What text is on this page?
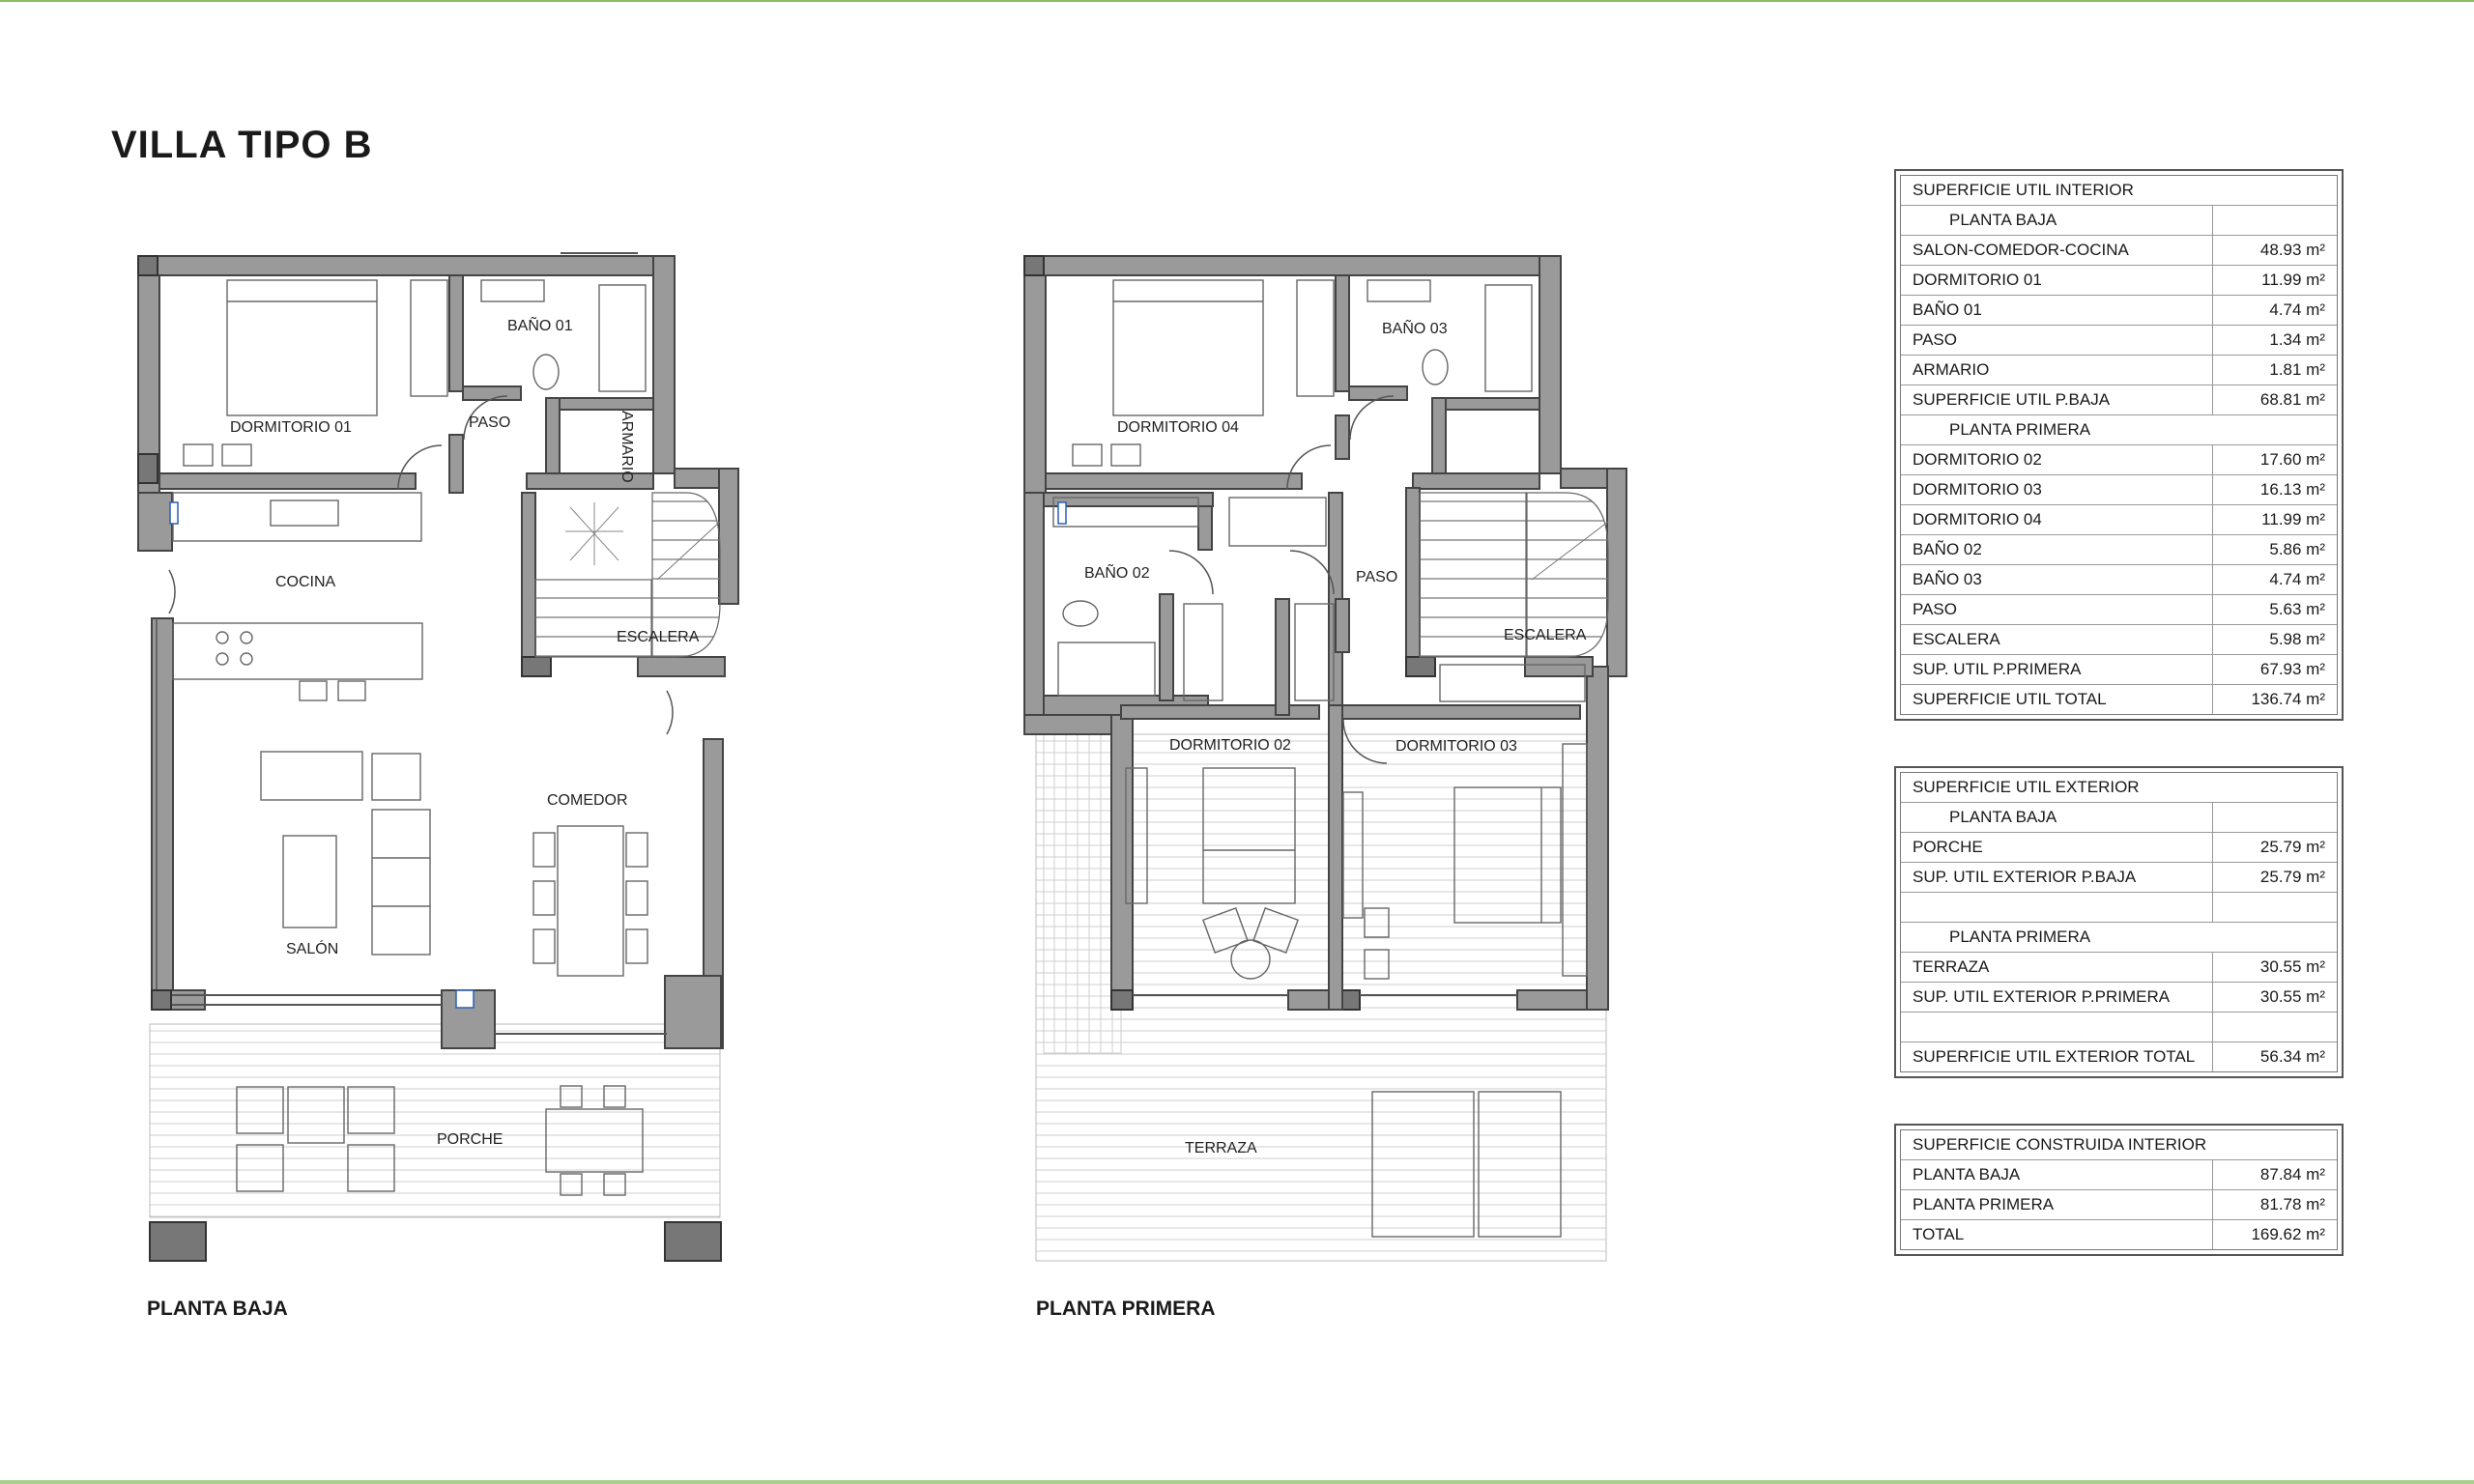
VILLA TIPO B
DORMITORIO 01
BAÑO 01
PASO	ARMARIO
COCINA
ESCALERA
COMEDOR
SALÓN
PORCHE
DORMITORIO 04
BAÑO 03
BAÑO 02	PASO
ESCALERA
DORMITORIO 02	DORMITORIO 03
TERRAZA
PLANTA BAJA	PLANTA PRIMERA
SUPERFICIE UTIL INTERIOR
PLANTA BAJA
SALON-COMEDOR-COCINA	48.93 m²
DORMITORIO 01	11.99 m²
BAÑO 01	4.74 m²
PASO	1.34 m²
ARMARIO	1.81 m²
SUPERFICIE UTIL P.BAJA	68.81 m²
PLANTA PRIMERA
DORMITORIO 02	17.60 m²
DORMITORIO 03	16.13 m²
DORMITORIO 04	11.99 m²
BAÑO 02	5.86 m²
BAÑO 03	4.74 m²
PASO	5.63 m²
ESCALERA	5.98 m²
SUP. UTIL P.PRIMERA	67.93 m²
SUPERFICIE UTIL TOTAL	136.74 m²
SUPERFICIE UTIL EXTERIOR
PLANTA BAJA
PORCHE	25.79 m²
SUP. UTIL EXTERIOR P.BAJA	25.79 m²
PLANTA PRIMERA
TERRAZA	30.55 m²
SUP. UTIL EXTERIOR P.PRIMERA	30.55 m²
SUPERFICIE UTIL EXTERIOR TOTAL	56.34 m²
SUPERFICIE CONSTRUIDA INTERIOR
PLANTA BAJA	87.84 m²
PLANTA PRIMERA	81.78 m²
TOTAL	169.62 m²
